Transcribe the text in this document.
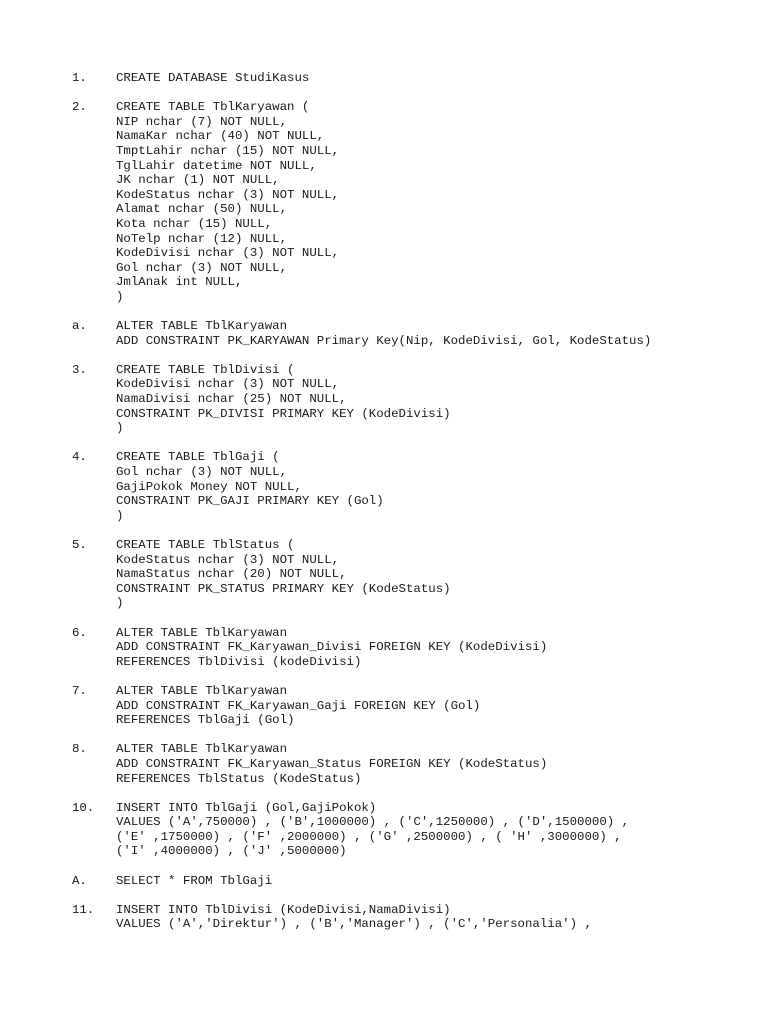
1.	CREATE DATABASE StudiKasus
2.	CREATE TABLE TblKaryawan (
NIP nchar (7) NOT NULL,
NamaKar nchar (40) NOT NULL,
TmptLahir nchar (15) NOT NULL,
TglLahir datetime NOT NULL,
JK nchar (1) NOT NULL,
KodeStatus nchar (3) NOT NULL,
Alamat nchar (50) NULL,
Kota nchar (15) NULL,
NoTelp nchar (12) NULL,
KodeDivisi nchar (3) NOT NULL,
Gol nchar (3) NOT NULL,
JmlAnak int NULL,
)
a.	ALTER TABLE TblKaryawan
ADD CONSTRAINT PK_KARYAWAN Primary Key(Nip, KodeDivisi, Gol, KodeStatus)
3.	CREATE TABLE TblDivisi (
KodeDivisi nchar (3) NOT NULL,
NamaDivisi nchar (25) NOT NULL,
CONSTRAINT PK_DIVISI PRIMARY KEY (KodeDivisi)
)
4.	CREATE TABLE TblGaji (
Gol nchar (3) NOT NULL,
GajiPokok Money NOT NULL,
CONSTRAINT PK_GAJI PRIMARY KEY (Gol)
)
5.	CREATE TABLE TblStatus (
KodeStatus nchar (3) NOT NULL,
NamaStatus nchar (20) NOT NULL,
CONSTRAINT PK_STATUS PRIMARY KEY (KodeStatus)
)
6.	ALTER TABLE TblKaryawan
ADD CONSTRAINT FK_Karyawan_Divisi FOREIGN KEY (KodeDivisi)
REFERENCES TblDivisi (kodeDivisi)
7.	ALTER TABLE TblKaryawan
ADD CONSTRAINT FK_Karyawan_Gaji FOREIGN KEY (Gol)
REFERENCES TblGaji (Gol)
8.	ALTER TABLE TblKaryawan
ADD CONSTRAINT FK_Karyawan_Status FOREIGN KEY (KodeStatus)
REFERENCES TblStatus (KodeStatus)
10.	INSERT INTO TblGaji (Gol,GajiPokok)
VALUES ('A',750000) , ('B',1000000) , ('C',1250000) , ('D',1500000) ,
('E' ,1750000) , ('F' ,2000000) , ('G' ,2500000) , ( 'H' ,3000000) ,
('I' ,4000000) , ('J' ,5000000)
A.	SELECT * FROM TblGaji
11.	INSERT INTO TblDivisi (KodeDivisi,NamaDivisi)
VALUES ('A','Direktur') , ('B','Manager') , ('C','Personalia') ,
